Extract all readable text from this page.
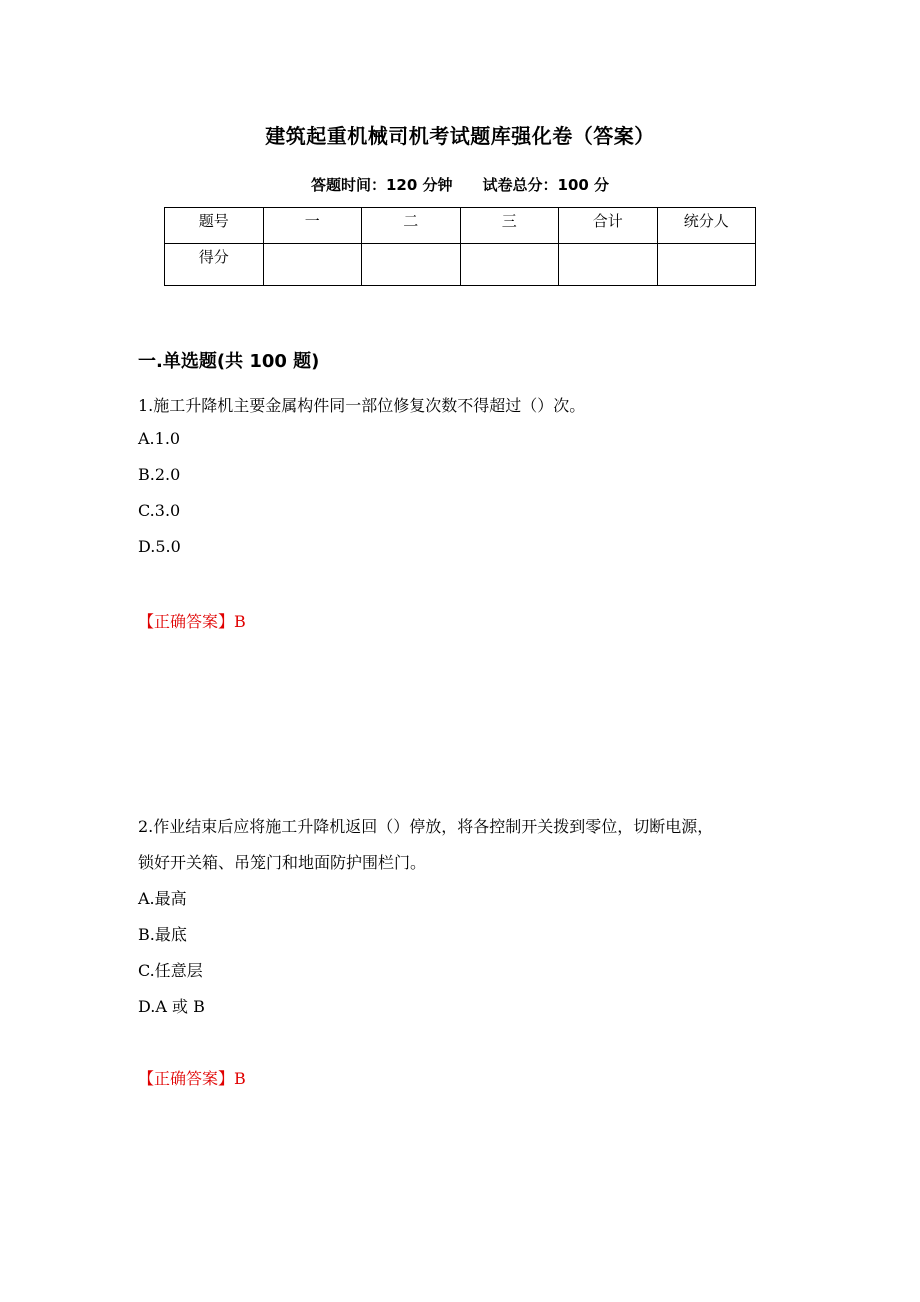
建筑起重机械司机考试题库强化卷（答案）
答题时间：120 分钟 试卷总分：100 分
题号	一	二	三	合计	统分人
得分					
一.单选题(共 100 题)
1.施工升降机主要金属构件同一部位修复次数不得超过（）次。
A.1.0
B.2.0
C.3.0
D.5.0
【正确答案】B
2.作业结束后应将施工升降机返回（）停放，将各控制开关拨到零位，切断电源，
锁好开关箱、吊笼门和地面防护围栏门。
A.最高
B.最底
C.任意层
D.A 或 B
【正确答案】B
